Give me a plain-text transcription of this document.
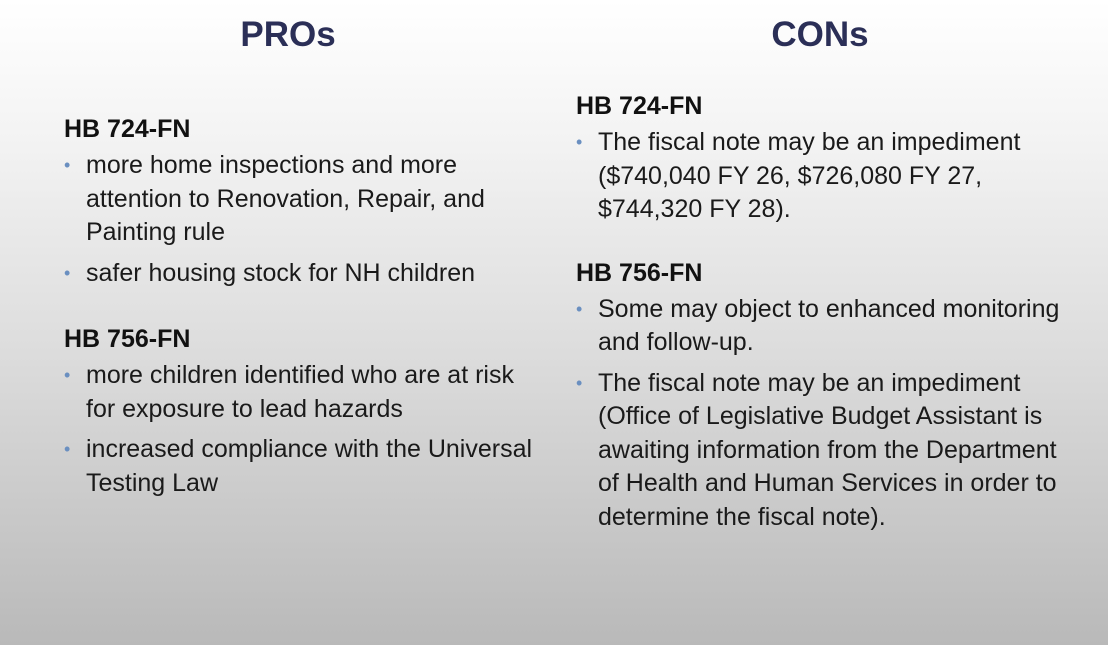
PROs	CONs
HB 724-FN
• more home inspections and more attention to Renovation, Repair, and Painting rule
• safer housing stock for NH children
HB 756-FN
• more children identified who are at risk for exposure to lead hazards
• increased compliance with the Universal Testing Law
HB 724-FN
• The fiscal note may be an impediment ($740,040 FY 26, $726,080 FY 27, $744,320 FY 28).
HB 756-FN
• Some may object to enhanced monitoring and follow-up.
• The fiscal note may be an impediment (Office of Legislative Budget Assistant is awaiting information from the Department of Health and Human Services in order to determine the fiscal note).
